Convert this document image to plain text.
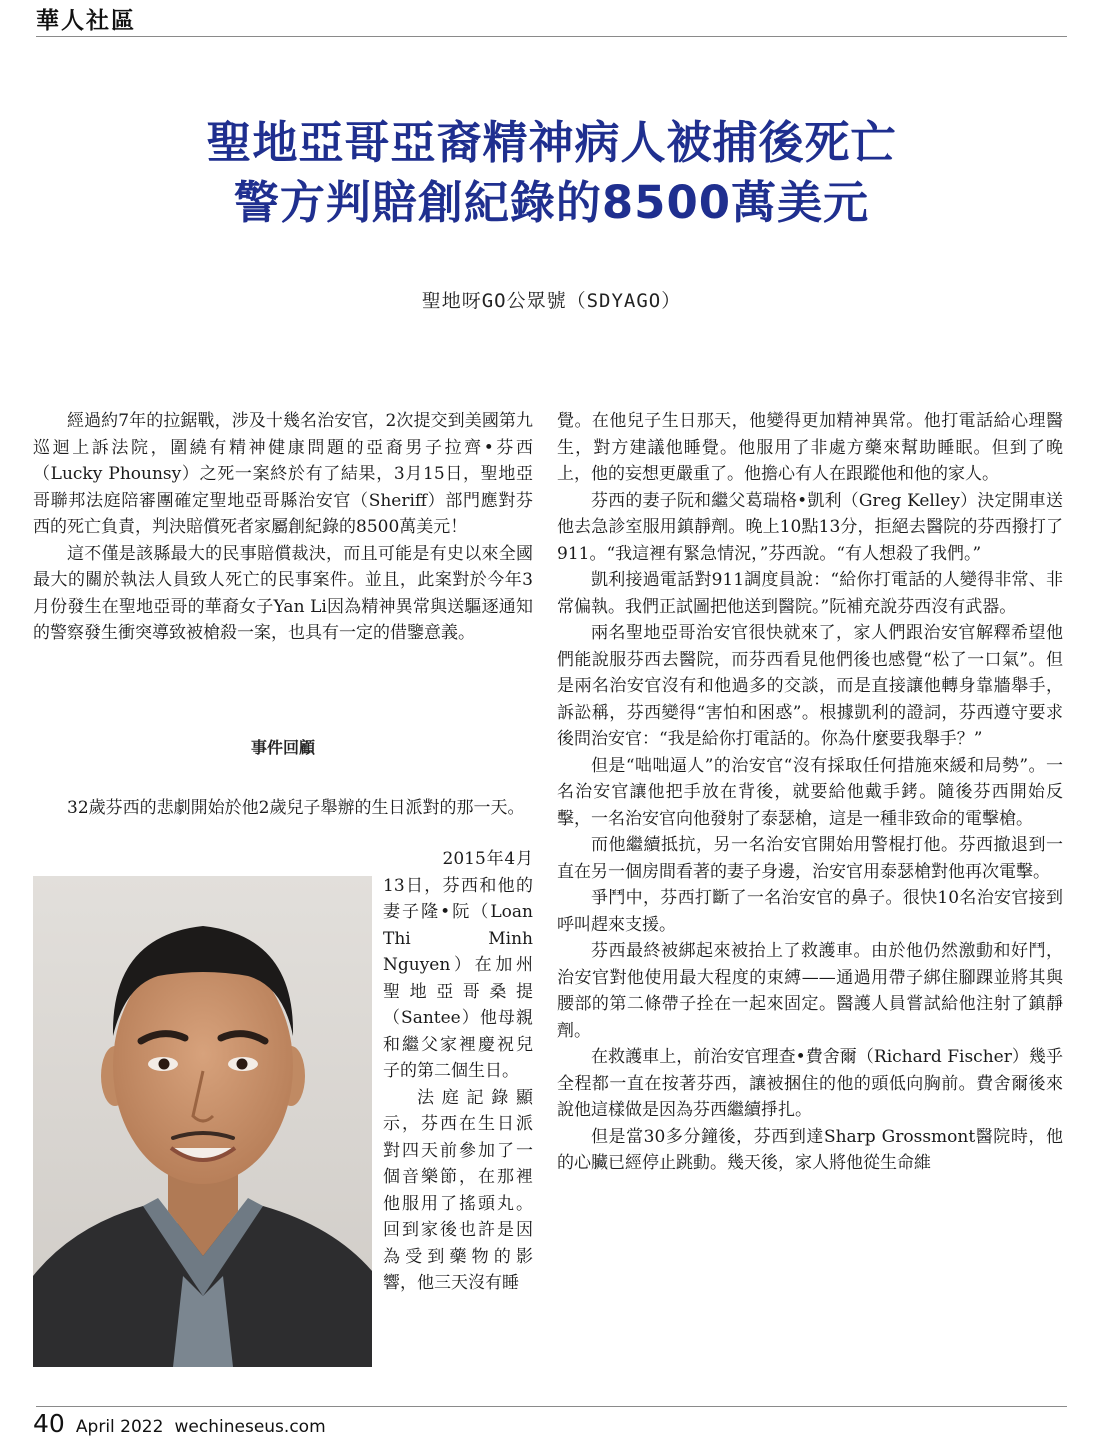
華人社區
聖地亞哥亞裔精神病人被捕後死亡
警方判賠創紀錄的8500萬美元
聖地呀GO公眾號（SDYAGO）

經過約7年的拉鋸戰，涉及十幾名治安官，2次提交到美國第九巡迴上訴法院，圍繞有精神健康問題的亞裔男子拉齊•芬西（Lucky Phounsy）之死一案終於有了結果，3月15日，聖地亞哥聯邦法庭陪審團確定聖地亞哥縣治安官（Sheriff）部門應對芬西的死亡負責，判決賠償死者家屬創紀錄的8500萬美元！

這不僅是該縣最大的民事賠償裁決，而且可能是有史以來全國最大的關於執法人員致人死亡的民事案件。並且，此案對於今年3月份發生在聖地亞哥的華裔女子Yan Li因為精神異常與送驅逐通知的警察發生衝突導致被槍殺一案，也具有一定的借鑒意義。

事件回顧

32歲芬西的悲劇開始於他2歲兒子舉辦的生日派對的那一天。

2015年4月13日，芬西和他的妻子隆•阮（Loan Thi Minh Nguyen）在加州聖地亞哥桑提（Santee）他母親和繼父家裡慶祝兒子的第二個生日。

法庭記錄顯示，芬西在生日派對四天前參加了一個音樂節，在那裡他服用了搖頭丸。回到家後也許是因為受到藥物的影響，他三天沒有睡

覺。在他兒子生日那天，他變得更加精神異常。他打電話給心理醫生，對方建議他睡覺。他服用了非處方藥來幫助睡眠。但到了晚上，他的妄想更嚴重了。他擔心有人在跟蹤他和他的家人。

芬西的妻子阮和繼父葛瑞格•凱利（Greg Kelley）決定開車送他去急診室服用鎮靜劑。晚上10點13分，拒絕去醫院的芬西撥打了911。“我這裡有緊急情況，”芬西說。“有人想殺了我們。”

凱利接過電話對911調度員說：“給你打電話的人變得非常、非常偏執。我們正試圖把他送到醫院。”阮補充說芬西沒有武器。

兩名聖地亞哥治安官很快就來了，家人們跟治安官解釋希望他們能說服芬西去醫院，而芬西看見他們後也感覺“松了一口氣”。但是兩名治安官沒有和他過多的交談，而是直接讓他轉身靠牆舉手，訴訟稱，芬西變得“害怕和困惑”。根據凱利的證詞，芬西遵守要求後問治安官：“我是給你打電話的。你為什麼要我舉手？”

但是“咄咄逼人”的治安官“沒有採取任何措施來緩和局勢”。一名治安官讓他把手放在背後，就要給他戴手銬。隨後芬西開始反擊，一名治安官向他發射了泰瑟槍，這是一種非致命的電擊槍。

而他繼續抵抗，另一名治安官開始用警棍打他。芬西撤退到一直在另一個房間看著的妻子身邊，治安官用泰瑟槍對他再次電擊。

爭鬥中，芬西打斷了一名治安官的鼻子。很快10名治安官接到呼叫趕來支援。

芬西最終被綁起來被抬上了救護車。由於他仍然激動和好鬥，治安官對他使用最大程度的束縛——通過用帶子綁住腳踝並將其與腰部的第二條帶子拴在一起來固定。醫護人員嘗試給他注射了鎮靜劑。

在救護車上，前治安官理查•費舍爾（Richard Fischer）幾乎全程都一直在按著芬西，讓被捆住的他的頭低向胸前。費舍爾後來說他這樣做是因為芬西繼續掙扎。

但是當30多分鐘後，芬西到達Sharp Grossmont醫院時，他的心臟已經停止跳動。幾天後，家人將他從生命維

40 April 2022 wechineseus.com
